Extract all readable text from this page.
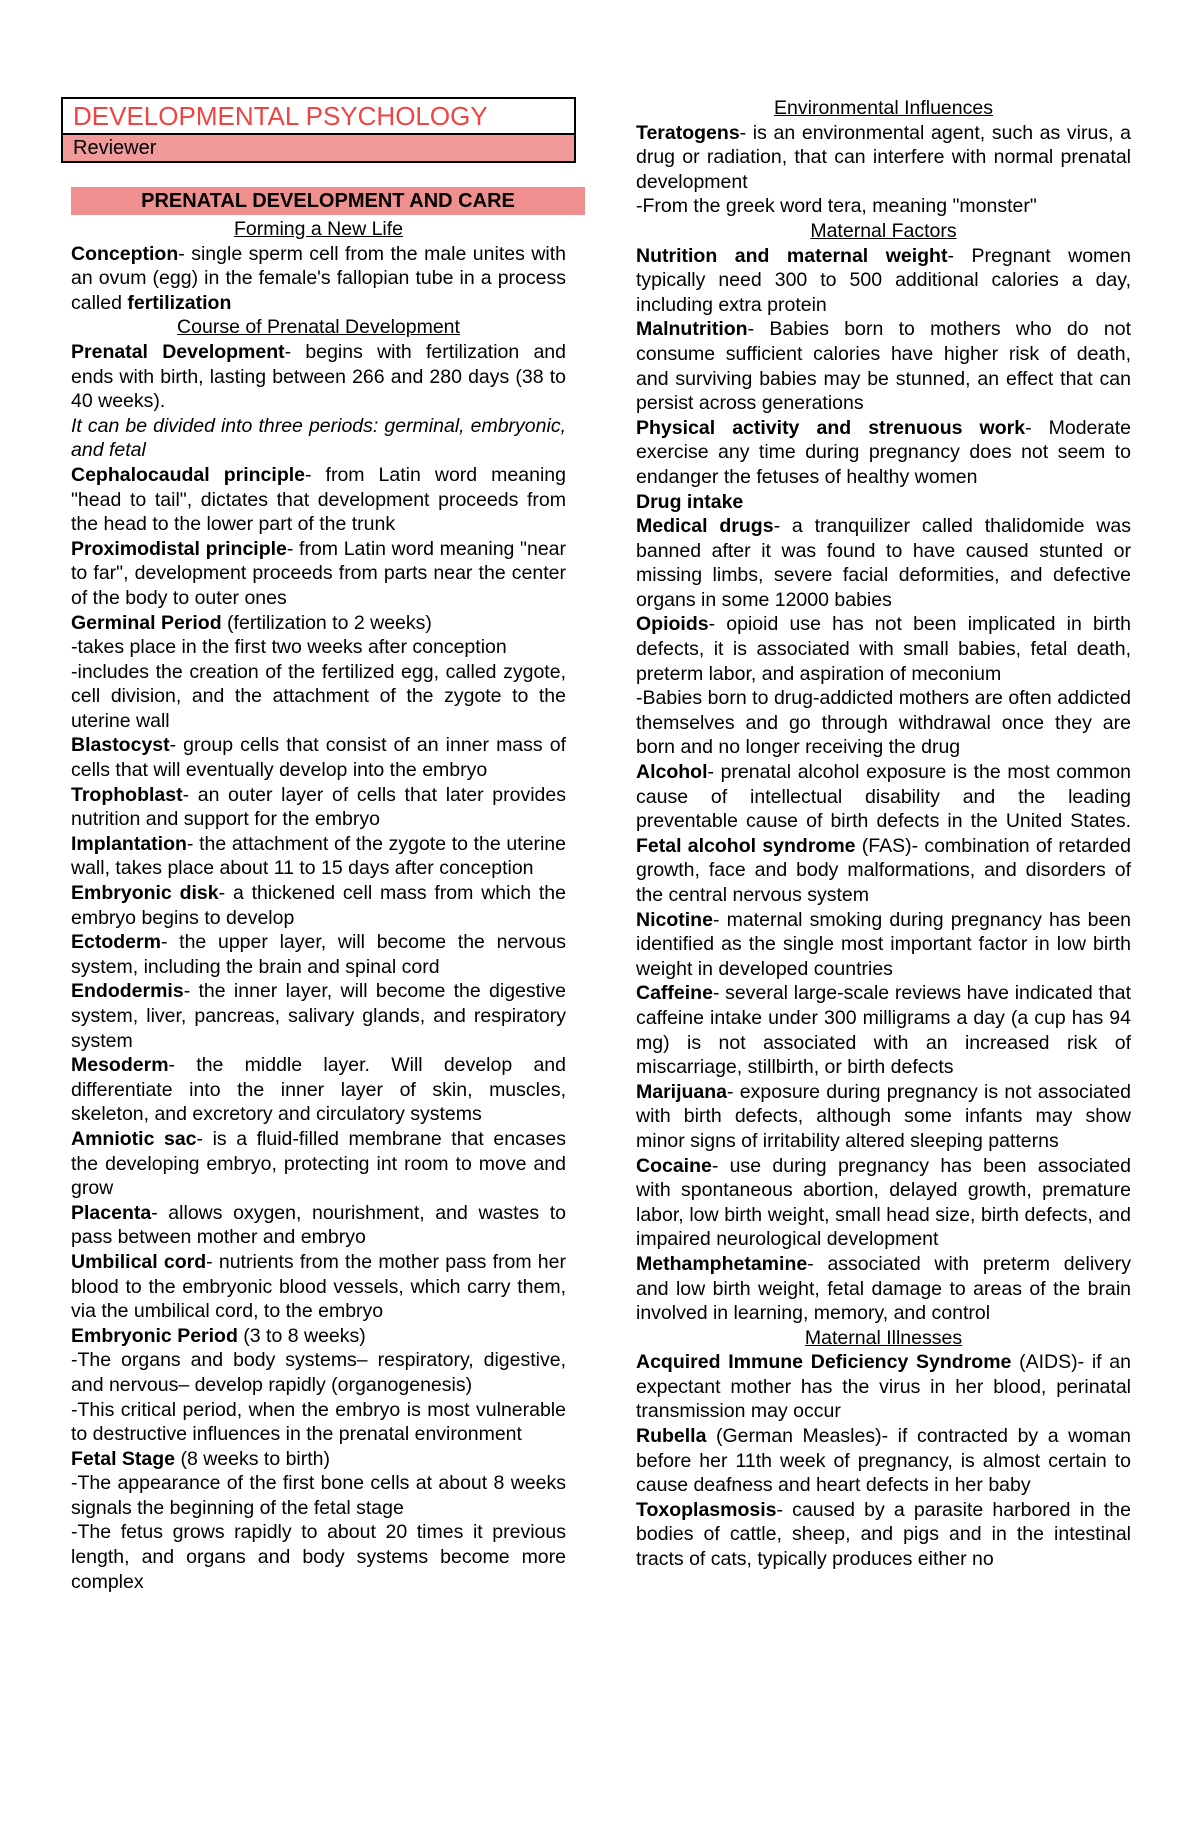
DEVELOPMENTAL PSYCHOLOGY
Reviewer
PRENATAL DEVELOPMENT AND CARE

Forming a New Life

Conception- single sperm cell from the male unites with an ovum (egg) in the female's fallopian tube in a process called fertilization

Course of Prenatal Development

Prenatal Development- begins with fertilization and ends with birth, lasting between 266 and 280 days (38 to 40 weeks).

It can be divided into three periods: germinal, embryonic, and fetal

Cephalocaudal principle- from Latin word meaning "head to tail", dictates that development proceeds from the head to the lower part of the trunk

Proximodistal principle- from Latin word meaning "near to far", development proceeds from parts near the center of the body to outer ones

Germinal Period (fertilization to 2 weeks)

-takes place in the first two weeks after conception

-includes the creation of the fertilized egg, called zygote, cell division, and the attachment of the zygote to the uterine wall

Blastocyst- group cells that consist of an inner mass of cells that will eventually develop into the embryo

Trophoblast- an outer layer of cells that later provides nutrition and support for the embryo

Implantation- the attachment of the zygote to the uterine wall, takes place about 11 to 15 days after conception

Embryonic disk- a thickened cell mass from which the embryo begins to develop

Ectoderm- the upper layer, will become the nervous system, including the brain and spinal cord

Endodermis- the inner layer, will become the digestive system, liver, pancreas, salivary glands, and respiratory system

Mesoderm- the middle layer. Will develop and differentiate into the inner layer of skin, muscles, skeleton, and excretory and circulatory systems

Amniotic sac- is a fluid-filled membrane that encases the developing embryo, protecting int room to move and grow

Placenta- allows oxygen, nourishment, and wastes to pass between mother and embryo

Umbilical cord- nutrients from the mother pass from her blood to the embryonic blood vessels, which carry them, via the umbilical cord, to the embryo

Embryonic Period (3 to 8 weeks)

-The organs and body systems– respiratory, digestive, and nervous– develop rapidly (organogenesis)

-This critical period, when the embryo is most vulnerable to destructive influences in the prenatal environment

Fetal Stage (8 weeks to birth)

-The appearance of the first bone cells at about 8 weeks signals the beginning of the fetal stage

-The fetus grows rapidly to about 20 times it previous length, and organs and body systems become more complex

Environmental Influences

Teratogens- is an environmental agent, such as virus, a drug or radiation, that can interfere with normal prenatal development

-From the greek word tera, meaning "monster"

Maternal Factors

Nutrition and maternal weight- Pregnant women typically need 300 to 500 additional calories a day, including extra protein

Malnutrition- Babies born to mothers who do not consume sufficient calories have higher risk of death, and surviving babies may be stunned, an effect that can persist across generations

Physical activity and strenuous work- Moderate exercise any time during pregnancy does not seem to endanger the fetuses of healthy women

Drug intake

Medical drugs- a tranquilizer called thalidomide was banned after it was found to have caused stunted or missing limbs, severe facial deformities, and defective organs in some 12000 babies

Opioids- opioid use has not been implicated in birth defects, it is associated with small babies, fetal death, preterm labor, and aspiration of meconium

-Babies born to drug-addicted mothers are often addicted themselves and go through withdrawal once they are born and no longer receiving the drug

Alcohol- prenatal alcohol exposure is the most common cause of intellectual disability and the leading preventable cause of birth defects in the United States. Fetal alcohol syndrome (FAS)- combination of retarded growth, face and body malformations, and disorders of the central nervous system

Nicotine- maternal smoking during pregnancy has been identified as the single most important factor in low birth weight in developed countries

Caffeine- several large-scale reviews have indicated that caffeine intake under 300 milligrams a day (a cup has 94 mg) is not associated with an increased risk of miscarriage, stillbirth, or birth defects

Marijuana- exposure during pregnancy is not associated with birth defects, although some infants may show minor signs of irritability altered sleeping patterns

Cocaine- use during pregnancy has been associated with spontaneous abortion, delayed growth, premature labor, low birth weight, small head size, birth defects, and impaired neurological development

Methamphetamine- associated with preterm delivery and low birth weight, fetal damage to areas of the brain involved in learning, memory, and control

Maternal Illnesses

Acquired Immune Deficiency Syndrome (AIDS)- if an expectant mother has the virus in her blood, perinatal transmission may occur

Rubella (German Measles)- if contracted by a woman before her 11th week of pregnancy, is almost certain to cause deafness and heart defects in her baby

Toxoplasmosis- caused by a parasite harbored in the bodies of cattle, sheep, and pigs and in the intestinal tracts of cats, typically produces either no
